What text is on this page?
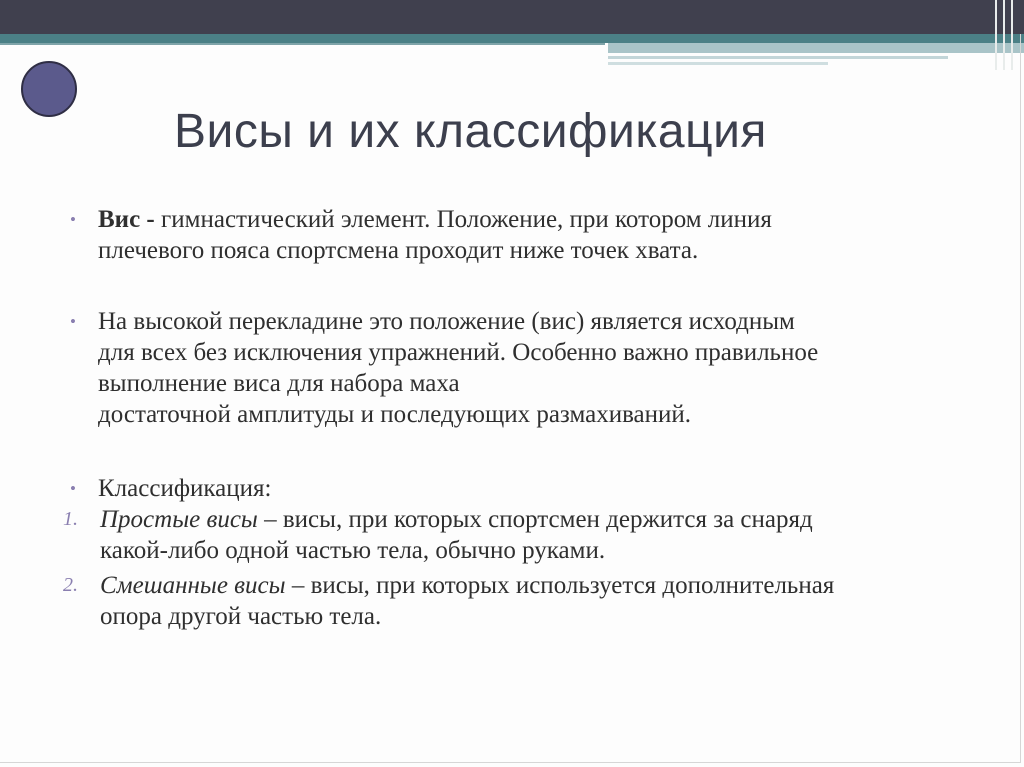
Висы и их классификация
• Вис - гимнастический элемент. Положение, при котором линия
плечевого пояса спортсмена проходит ниже точек хвата.
• На высокой перекладине это положение (вис) является исходным
для всех без исключения упражнений. Особенно важно правильное
выполнение виса для набора маха
достаточной амплитуды и последующих размахиваний.
• Классификация:
1. Простые висы – висы, при которых спортсмен держится за снаряд
какой-либо одной частью тела, обычно руками.
2. Смешанные висы – висы, при которых используется дополнительная
опора другой частью тела.
